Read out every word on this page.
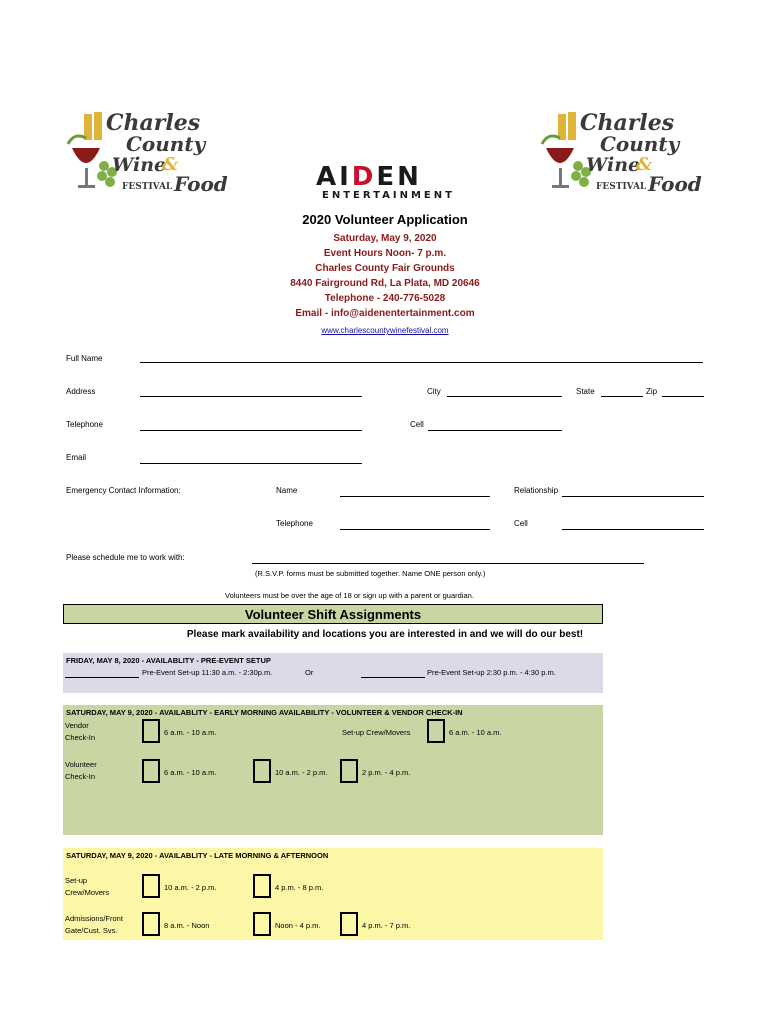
Charles
County
Wine
&
FESTIVAL Food
Charles
County
Wine
&
FESTIVAL Food
AIDEN
ENTERTAINMENT
2020 Volunteer Application
Saturday, May 9, 2020
Event Hours Noon- 7 p.m.
Charles County Fair Grounds
8440 Fairground Rd, La Plata, MD 20646
Telephone - 240-776-5028
Email - info@aidenentertainment.com
www.charlescountywinefestival.com
Full Name
Address	City	State	Zip
Telephone	Cell
Email
Emergency Contact Information:	Name	Relationship
Telephone	Cell
Please schedule me to work with:
(R.S.V.P. forms must be submitted together. Name ONE person only.)
Volunteers must be over the age of 18 or sign up with a parent or guardian.
Volunteer Shift Assignments
Please mark availability and locations you are interested in and we will do our best!
FRIDAY, MAY 8, 2020 - AVAILABLITY - PRE-EVENT SETUP
Pre-Event Set-up 11:30 a.m. - 2:30p.m.	Or	Pre-Event Set-up 2:30 p.m. - 4:30 p.m.
SATURDAY, MAY 9, 2020 - AVAILABLITY - EARLY MORNING AVAILABILITY - VOLUNTEER & VENDOR CHECK-IN
Vendor
Check-In
6 a.m. - 10 a.m.	Set-up Crew/Movers	6 a.m. - 10 a.m.
Volunteer
Check-In	6 a.m. - 10 a.m.	10 a.m. - 2 p.m.	2 p.m. - 4 p.m.
SATURDAY, MAY 9, 2020 - AVAILABLITY - LATE MORNING & AFTERNOON
Set-up
Crew/Movers
10 a.m. - 2 p.m.	4 p.m. - 8 p.m.
Admissions/Front
Gate/Cust. Svs.
8 a.m. - Noon	Noon - 4 p.m.	4 p.m. - 7 p.m.
